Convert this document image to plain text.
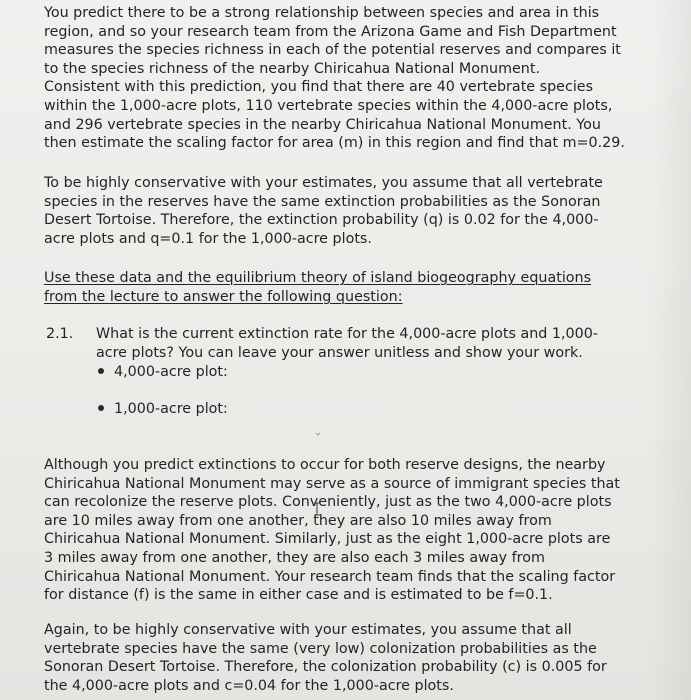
You predict there to be a strong relationship between species and area in this
region, and so your research team from the Arizona Game and Fish Department
measures the species richness in each of the potential reserves and compares it
to the species richness of the nearby Chiricahua National Monument.
Consistent with this prediction, you find that there are 40 vertebrate species
within the 1,000-acre plots, 110 vertebrate species within the 4,000-acre plots,
and 296 vertebrate species in the nearby Chiricahua National Monument. You
then estimate the scaling factor for area (m) in this region and find that m=0.29.
To be highly conservative with your estimates, you assume that all vertebrate
species in the reserves have the same extinction probabilities as the Sonoran
Desert Tortoise. Therefore, the extinction probability (q) is 0.02 for the 4,000-
acre plots and q=0.1 for the 1,000-acre plots.
Use these data and the equilibrium theory of island biogeography equations
from the lecture to answer the following question:
2.1. What is the current extinction rate for the 4,000-acre plots and 1,000-
acre plots? You can leave your answer unitless and show your work.
4,000-acre plot:
1,000-acre plot:
Although you predict extinctions to occur for both reserve designs, the nearby
Chiricahua National Monument may serve as a source of immigrant species that
can recolonize the reserve plots. Conveniently, just as the two 4,000-acre plots
are 10 miles away from one another, they are also 10 miles away from
Chiricahua National Monument. Similarly, just as the eight 1,000-acre plots are
3 miles away from one another, they are also each 3 miles away from
Chiricahua National Monument. Your research team finds that the scaling factor
for distance (f) is the same in either case and is estimated to be f=0.1.
Again, to be highly conservative with your estimates, you assume that all
vertebrate species have the same (very low) colonization probabilities as the
Sonoran Desert Tortoise. Therefore, the colonization probability (c) is 0.005 for
the 4,000-acre plots and c=0.04 for the 1,000-acre plots.
